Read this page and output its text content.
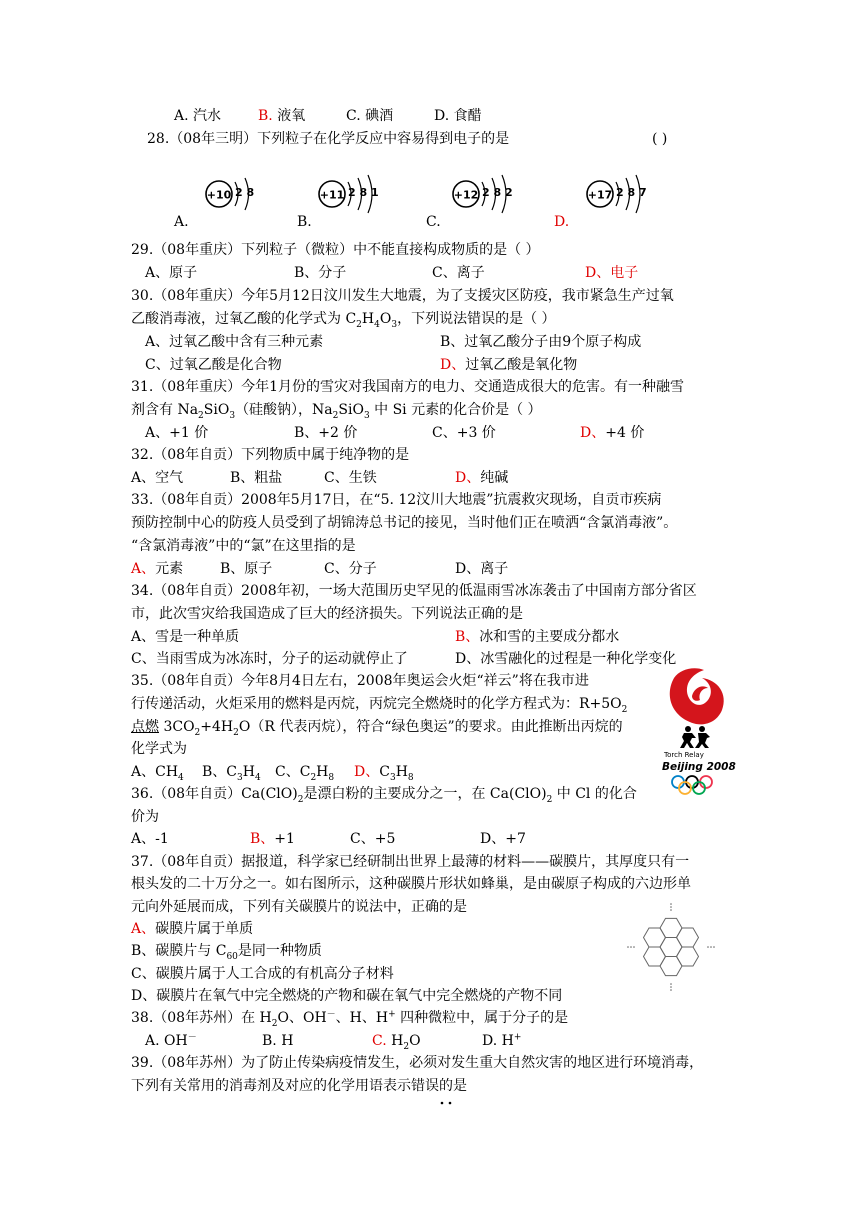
A. 汽水	B. 液氧	C. 碘酒	D. 食醋
28.（08年三明）下列粒子在化学反应中容易得到电子的是	( )
+10 2 8	+11 2 8 1	+12 2 8 2	+17 2 8 7
A.	B.	C.	D.
29.（08年重庆）下列粒子（微粒）中不能直接构成物质的是（ ）
A、原子	B、分子	C、离子	D、电子
30.（08年重庆）今年5月12日汶川发生大地震，为了支援灾区防疫，我市紧急生产过氧
乙酸消毒液，过氧乙酸的化学式为 $C_2H_4O_3$，下列说法错误的是（ ）
A、过氧乙酸中含有三种元素	B、过氧乙酸分子由9个原子构成
C、过氧乙酸是化合物	D、过氧乙酸是氧化物
31.（08年重庆）今年1月份的雪灾对我国南方的电力、交通造成很大的危害。有一种融雪
剂含有 $Na_2SiO_3$（硅酸钠），$Na_2SiO_3$ 中 Si 元素的化合价是（ ）
A、+1 价	B、+2 价	C、+3 价	D、+4 价
32.（08年自贡）下列物质中属于纯净物的是
A、空气	B、粗盐	C、生铁	D、纯碱
33.（08年自贡）2008年5月17日，在“5. 12汶川大地震”抗震救灾现场，自贡市疾病
预防控制中心的防疫人员受到了胡锦涛总书记的接见，当时他们正在喷洒“含氯消毒液”。
“含氯消毒液”中的“氯”在这里指的是
A、元素	B、原子	C、分子	D、离子
34.（08年自贡）2008年初，一场大范围历史罕见的低温雨雪冰冻袭击了中国南方部分省区
市，此次雪灾给我国造成了巨大的经济损失。下列说法正确的是
A、雪是一种单质	B、冰和雪的主要成分都水
C、当雨雪成为冰冻时，分子的运动就停止了	D、冰雪融化的过程是一种化学变化
35.（08年自贡）今年8月4日左右，2008年奥运会火炬“祥云”将在我市进
行传递活动，火炬采用的燃料是丙烷，丙烷完全燃烧时的化学方程式为：$R+5O_2$
点燃 $3CO_2+4H_2O(R$ 代表丙烷），符合“绿色奥运”的要求。由此推断出丙烷的
化学式为
A、$CH_4$ B、$C_3H_4$ C、$C_2H_8$ D、$C_3H_8$
Torch Relay
Beijing 2008
36.（08年自贡）$Ca(ClO)_2$是漂白粉的主要成分之一，在 $Ca(ClO)_2$ 中 Cl 的化合
价为
A、-1	B、+1	C、+5	D、+7
37.（08年自贡）据报道，科学家已经研制出世界上最薄的材料——碳膜片，其厚度只有一
根头发的二十万分之一。如右图所示，这种碳膜片形状如蜂巢，是由碳原子构成的六边形单
元向外延展而成，下列有关碳膜片的说法中，正确的是
A、碳膜片属于单质
B、碳膜片与 $C_{60}$是同一种物质
C、碳膜片属于人工合成的有机高分子材料
D、碳膜片在氧气中完全燃烧的产物和碳在氧气中完全燃烧的产物不同
38.（08年苏州）在 $H_2O$、OH－、H、H+ 四种微粒中，属于分子的是
A. OH－	B. H	C. $H_2O$	D. H+
39.（08年苏州）为了防止传染病疫情发生，必须对发生重大自然灾害的地区进行环境消毒，
下列有关常用的消毒剂及对应的化学用语表示错误的是
